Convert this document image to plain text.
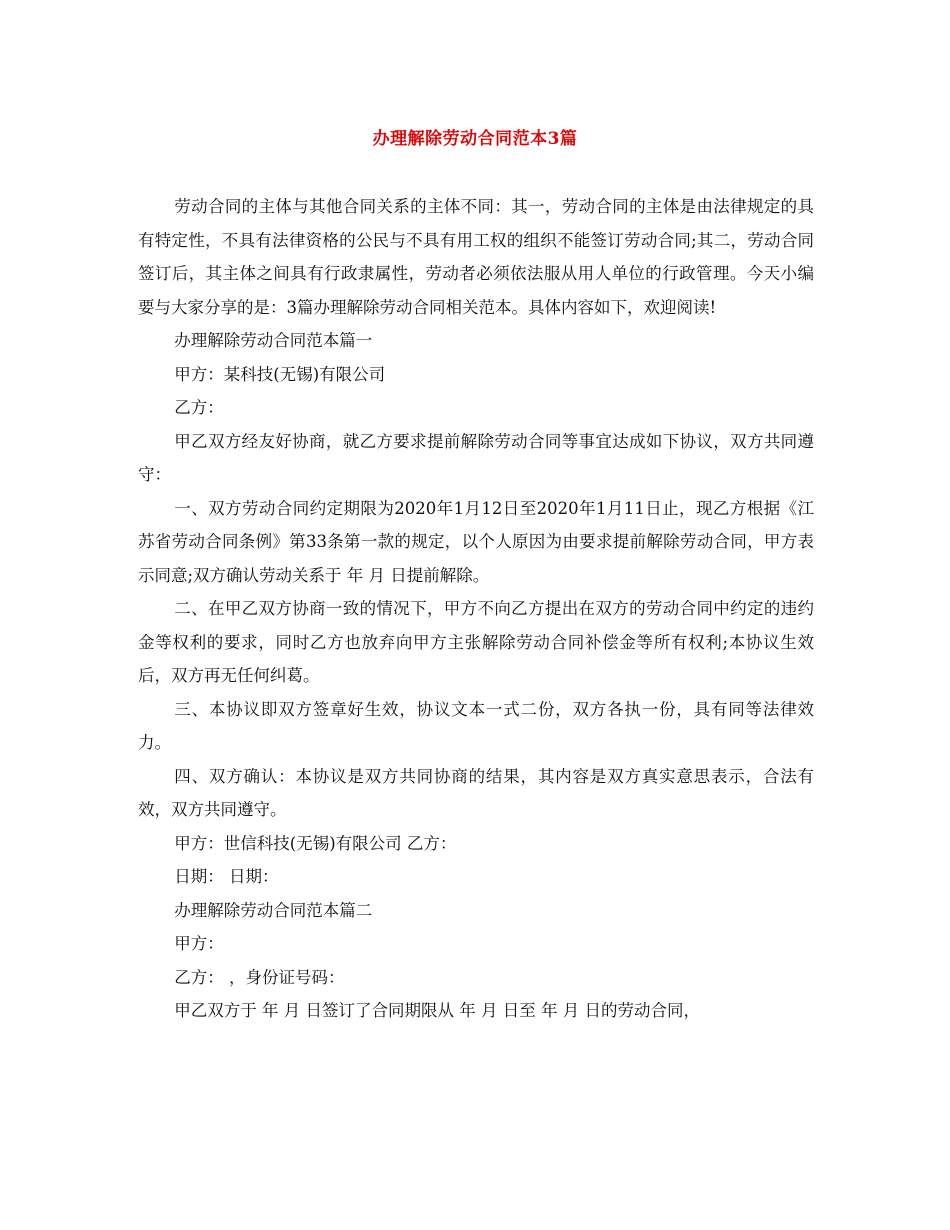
办理解除劳动合同范本3篇

劳动合同的主体与其他合同关系的主体不同：其一，劳动合同的主体是由法律规定的具有特定性，不具有法律资格的公民与不具有用工权的组织不能签订劳动合同;其二，劳动合同签订后，其主体之间具有行政隶属性，劳动者必须依法服从用人单位的行政管理。今天小编要与大家分享的是：3篇办理解除劳动合同相关范本。具体内容如下，欢迎阅读!

办理解除劳动合同范本篇一

甲方：某科技(无锡)有限公司

乙方：

甲乙双方经友好协商，就乙方要求提前解除劳动合同等事宜达成如下协议，双方共同遵守：

一、双方劳动合同约定期限为2020年1月12日至2020年1月11日止，现乙方根据《江苏省劳动合同条例》第33条第一款的规定，以个人原因为由要求提前解除劳动合同，甲方表示同意;双方确认劳动关系于 年 月 日提前解除。

二、在甲乙双方协商一致的情况下，甲方不向乙方提出在双方的劳动合同中约定的违约金等权利的要求，同时乙方也放弃向甲方主张解除劳动合同补偿金等所有权利;本协议生效后，双方再无任何纠葛。

三、本协议即双方签章好生效，协议文本一式二份，双方各执一份，具有同等法律效力。

四、双方确认：本协议是双方共同协商的结果，其内容是双方真实意思表示，合法有效，双方共同遵守。

甲方：世信科技(无锡)有限公司 乙方：

日期： 日期：

办理解除劳动合同范本篇二

甲方：

乙方： ，身份证号码：

甲乙双方于 年 月 日签订了合同期限从 年 月 日至 年 月 日的劳动合同，
